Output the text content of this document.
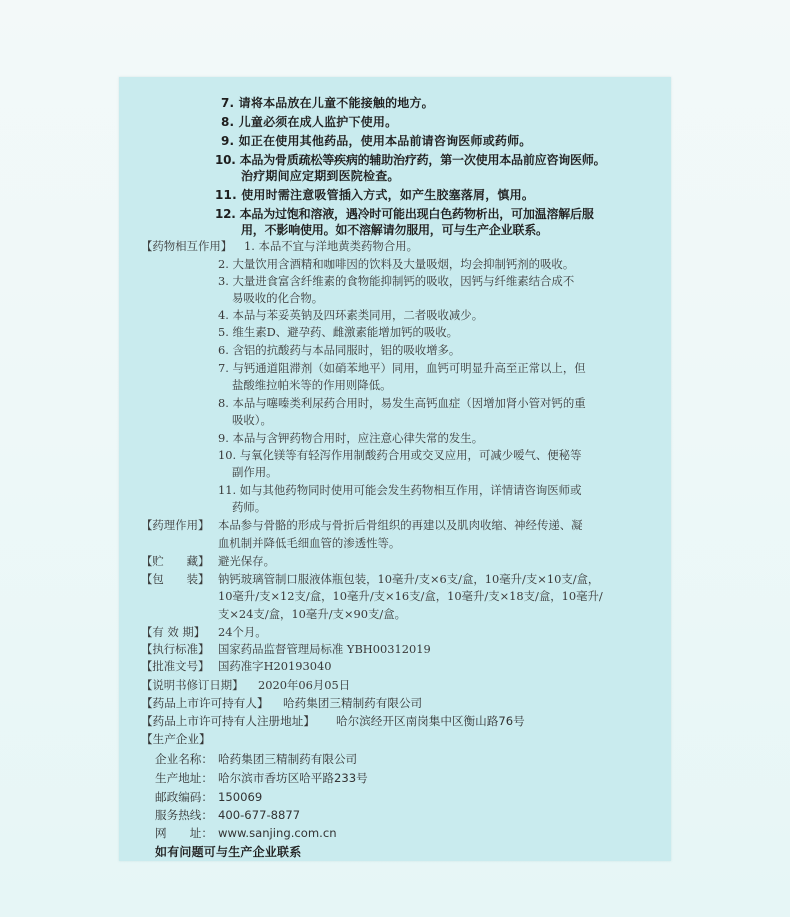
7. 请将本品放在儿童不能接触的地方。
8. 儿童必须在成人监护下使用。
9. 如正在使用其他药品，使用本品前请咨询医师或药师。
10. 本品为骨质疏松等疾病的辅助治疗药，第一次使用本品前应咨询医师。
治疗期间应定期到医院检查。
11. 使用时需注意吸管插入方式，如产生胶塞落屑，慎用。
12. 本品为过饱和溶液，遇冷时可能出现白色药物析出，可加温溶解后服
用，不影响使用。如不溶解请勿服用，可与生产企业联系。
【药物相互作用】 1. 本品不宜与洋地黄类药物合用。
2. 大量饮用含酒精和咖啡因的饮料及大量吸烟，均会抑制钙剂的吸收。
3. 大量进食富含纤维素的食物能抑制钙的吸收，因钙与纤维素结合成不
易吸收的化合物。
4. 本品与苯妥英钠及四环素类同用，二者吸收减少。
5. 维生素D、避孕药、雌激素能增加钙的吸收。
6. 含铝的抗酸药与本品同服时，铝的吸收增多。
7. 与钙通道阻滞剂（如硝苯地平）同用，血钙可明显升高至正常以上，但
盐酸维拉帕米等的作用则降低。
8. 本品与噻嗪类利尿药合用时，易发生高钙血症（因增加肾小管对钙的重
吸收）。
9. 本品与含钾药物合用时，应注意心律失常的发生。
10. 与氧化镁等有轻泻作用制酸药合用或交叉应用，可减少嗳气、便秘等
副作用。
11. 如与其他药物同时使用可能会发生药物相互作用，详情请咨询医师或
药师。
【药理作用】 本品参与骨骼的形成与骨折后骨组织的再建以及肌肉收缩、神经传递、凝
血机制并降低毛细血管的渗透性等。
【贮　　藏】 避光保存。
【包　　装】 钠钙玻璃管制口服液体瓶包装，10毫升/支×6支/盒，10毫升/支×10支/盒，
10毫升/支×12支/盒，10毫升/支×16支/盒，10毫升/支×18支/盒，10毫升/
支×24支/盒，10毫升/支×90支/盒。
【有 效 期】 24个月。
【执行标准】 国家药品监督管理局标准 YBH00312019
【批准文号】 国药准字H20193040
【说明书修订日期】 2020年06月05日
【药品上市许可持有人】 哈药集团三精制药有限公司
【药品上市许可持有人注册地址】 哈尔滨经开区南岗集中区衡山路76号
【生产企业】
企业名称： 哈药集团三精制药有限公司
生产地址： 哈尔滨市香坊区哈平路233号
邮政编码： 150069
服务热线： 400-677-8877
网　　址： www.sanjing.com.cn
如有问题可与生产企业联系
